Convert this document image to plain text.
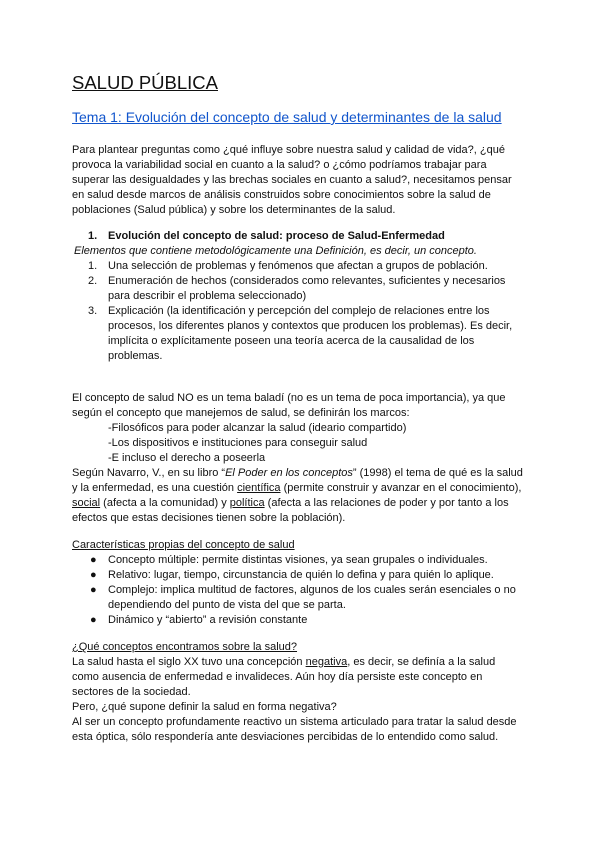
SALUD PÚBLICA
Tema 1: Evolución del concepto de salud y determinantes de la salud
Para plantear preguntas como ¿qué influye sobre nuestra salud y calidad de vida?, ¿qué
provoca la variabilidad social en cuanto a la salud? o ¿cómo podríamos trabajar para
superar las desigualdades y las brechas sociales en cuanto a salud?, necesitamos pensar
en salud desde marcos de análisis construidos sobre conocimientos sobre la salud de
poblaciones (Salud pública) y sobre los determinantes de la salud.
1. Evolución del concepto de salud: proceso de Salud-Enfermedad
Elementos que contiene metodológicamente una Definición, es decir, un concepto.
1. Una selección de problemas y fenómenos que afectan a grupos de población.
2. Enumeración de hechos (considerados como relevantes, suficientes y necesarios
para describir el problema seleccionado)
3. Explicación (la identificación y percepción del complejo de relaciones entre los
procesos, los diferentes planos y contextos que producen los problemas). Es decir,
implícita o explícitamente poseen una teoría acerca de la causalidad de los
problemas.
El concepto de salud NO es un tema baladí (no es un tema de poca importancia), ya que
según el concepto que manejemos de salud, se definirán los marcos:
-Filosóficos para poder alcanzar la salud (ideario compartido)
-Los dispositivos e instituciones para conseguir salud
-E incluso el derecho a poseerla
Según Navarro, V., en su libro “El Poder en los conceptos” (1998) el tema de qué es la salud
y la enfermedad, es una cuestión científica (permite construir y avanzar en el conocimiento),
social (afecta a la comunidad) y política (afecta a las relaciones de poder y por tanto a los
efectos que estas decisiones tienen sobre la población).
Características propias del concepto de salud
● Concepto múltiple: permite distintas visiones, ya sean grupales o individuales.
● Relativo: lugar, tiempo, circunstancia de quién lo defina y para quién lo aplique.
● Complejo: implica multitud de factores, algunos de los cuales serán esenciales o no
dependiendo del punto de vista del que se parta.
● Dinámico y “abierto” a revisión constante
¿Qué conceptos encontramos sobre la salud?
La salud hasta el siglo XX tuvo una concepción negativa, es decir, se definía a la salud
como ausencia de enfermedad e invalideces. Aún hoy día persiste este concepto en
sectores de la sociedad.
Pero, ¿qué supone definir la salud en forma negativa?
Al ser un concepto profundamente reactivo un sistema articulado para tratar la salud desde
esta óptica, sólo respondería ante desviaciones percibidas de lo entendido como salud.
